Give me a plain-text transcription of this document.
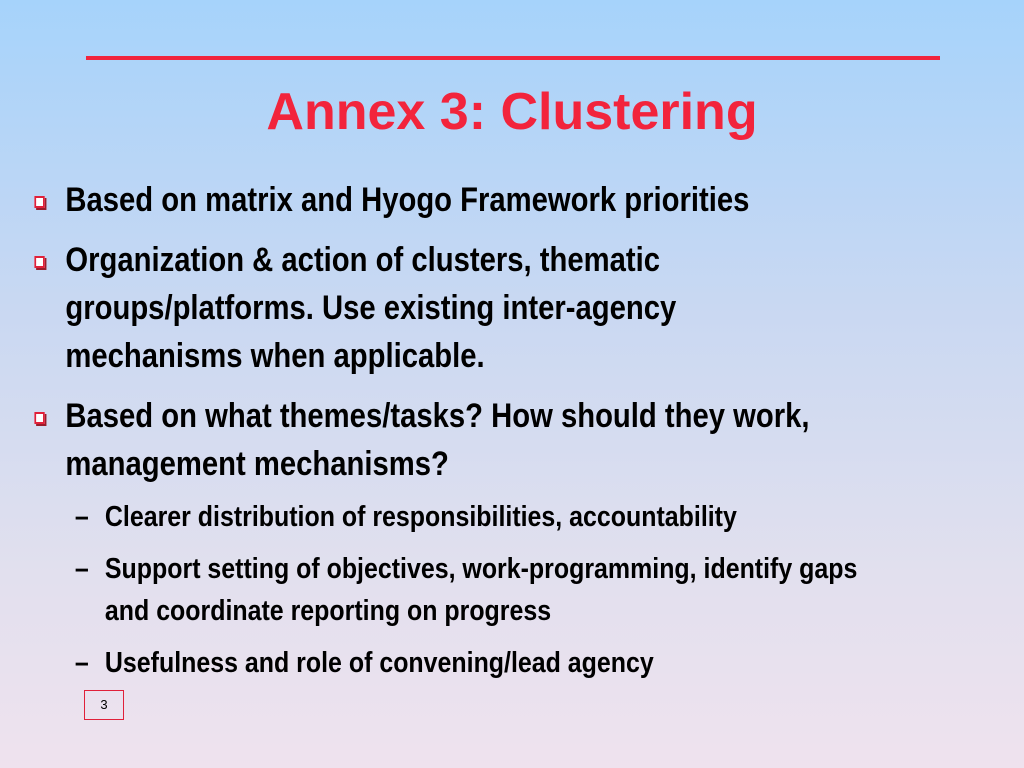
Annex 3: Clustering
Based on matrix and Hyogo Framework priorities
Organization & action of clusters, thematic groups/platforms. Use existing inter-agency mechanisms when applicable.
Based on what themes/tasks? How should they work, management mechanisms?
– Clearer distribution of responsibilities, accountability
– Support setting of objectives, work-programming, identify gaps and coordinate reporting on progress
– Usefulness and role of convening/lead agency
3
